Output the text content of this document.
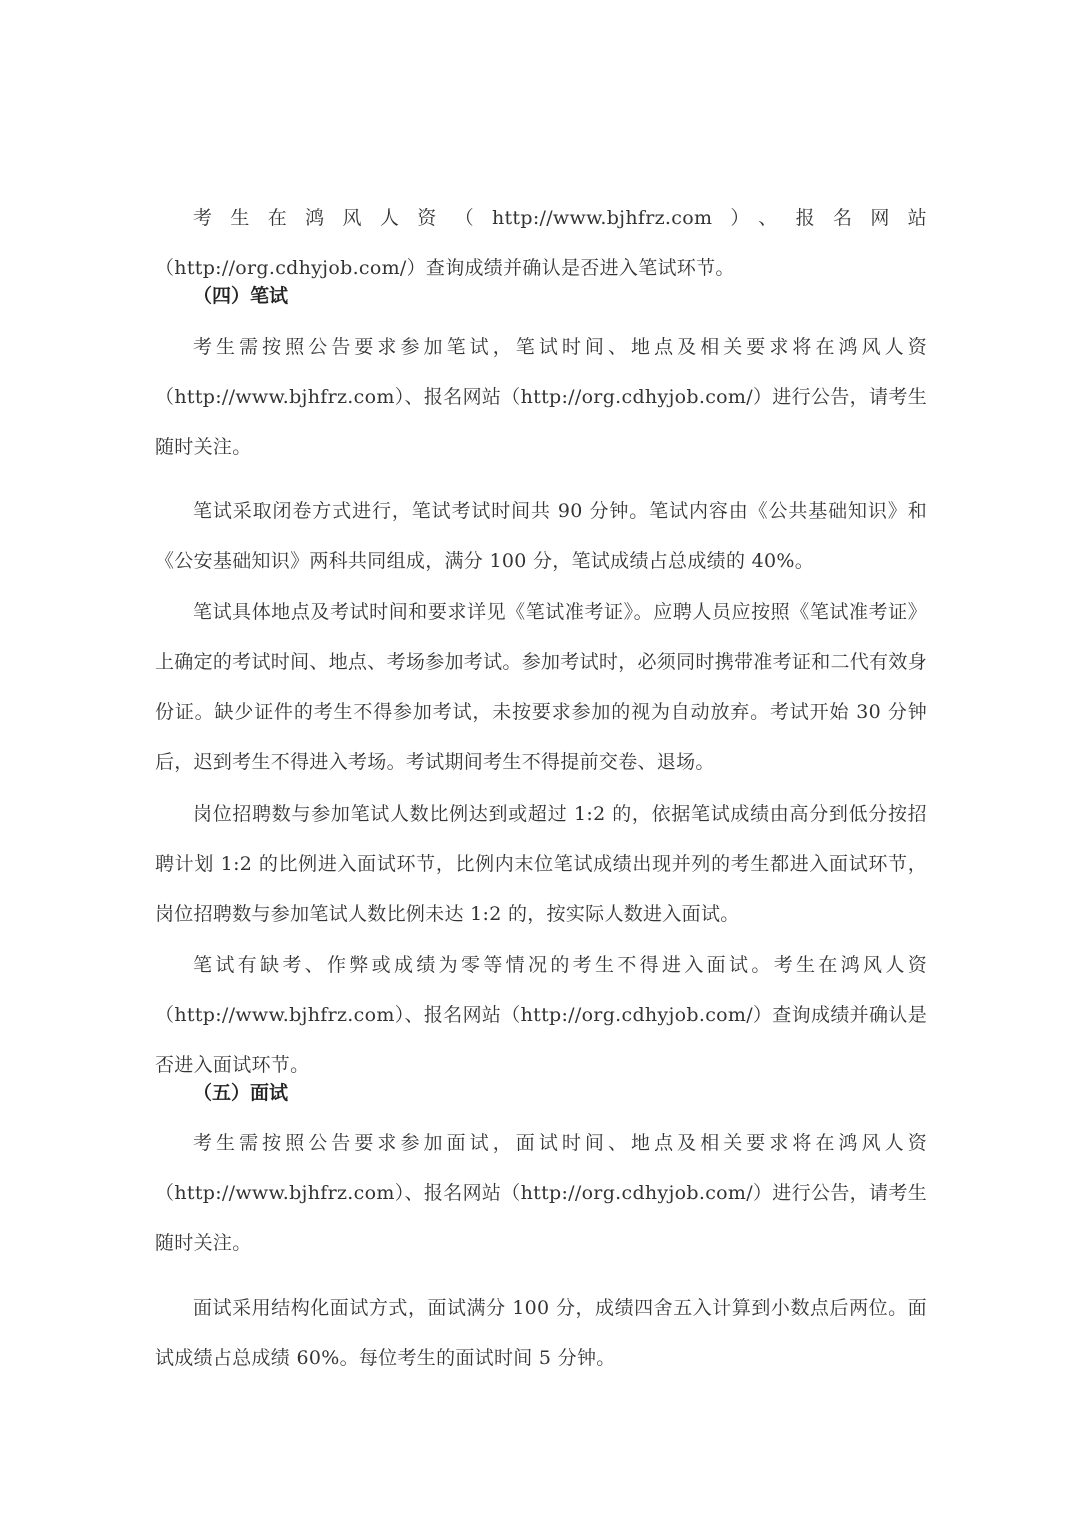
考生在鸿风人资（http://www.bjhfrz.com）、报名网站（http://org.cdhyjob.com/）查询成绩并确认是否进入笔试环节。

（四）笔试

考生需按照公告要求参加笔试，笔试时间、地点及相关要求将在鸿风人资（http://www.bjhfrz.com）、报名网站（http://org.cdhyjob.com/）进行公告，请考生随时关注。

笔试采取闭卷方式进行，笔试考试时间共 90 分钟。笔试内容由《公共基础知识》和《公安基础知识》两科共同组成，满分 100 分，笔试成绩占总成绩的 40%。

笔试具体地点及考试时间和要求详见《笔试准考证》。应聘人员应按照《笔试准考证》上确定的考试时间、地点、考场参加考试。参加考试时，必须同时携带准考证和二代有效身份证。缺少证件的考生不得参加考试，未按要求参加的视为自动放弃。考试开始 30 分钟后，迟到考生不得进入考场。考试期间考生不得提前交卷、退场。

岗位招聘数与参加笔试人数比例达到或超过 1:2 的，依据笔试成绩由高分到低分按招聘计划 1:2 的比例进入面试环节，比例内末位笔试成绩出现并列的考生都进入面试环节，岗位招聘数与参加笔试人数比例未达 1:2 的，按实际人数进入面试。

笔试有缺考、作弊或成绩为零等情况的考生不得进入面试。考生在鸿风人资（http://www.bjhfrz.com）、报名网站（http://org.cdhyjob.com/）查询成绩并确认是否进入面试环节。

（五）面试

考生需按照公告要求参加面试，面试时间、地点及相关要求将在鸿风人资（http://www.bjhfrz.com）、报名网站（http://org.cdhyjob.com/）进行公告，请考生随时关注。

面试采用结构化面试方式，面试满分 100 分，成绩四舍五入计算到小数点后两位。面试成绩占总成绩 60%。每位考生的面试时间 5 分钟。
